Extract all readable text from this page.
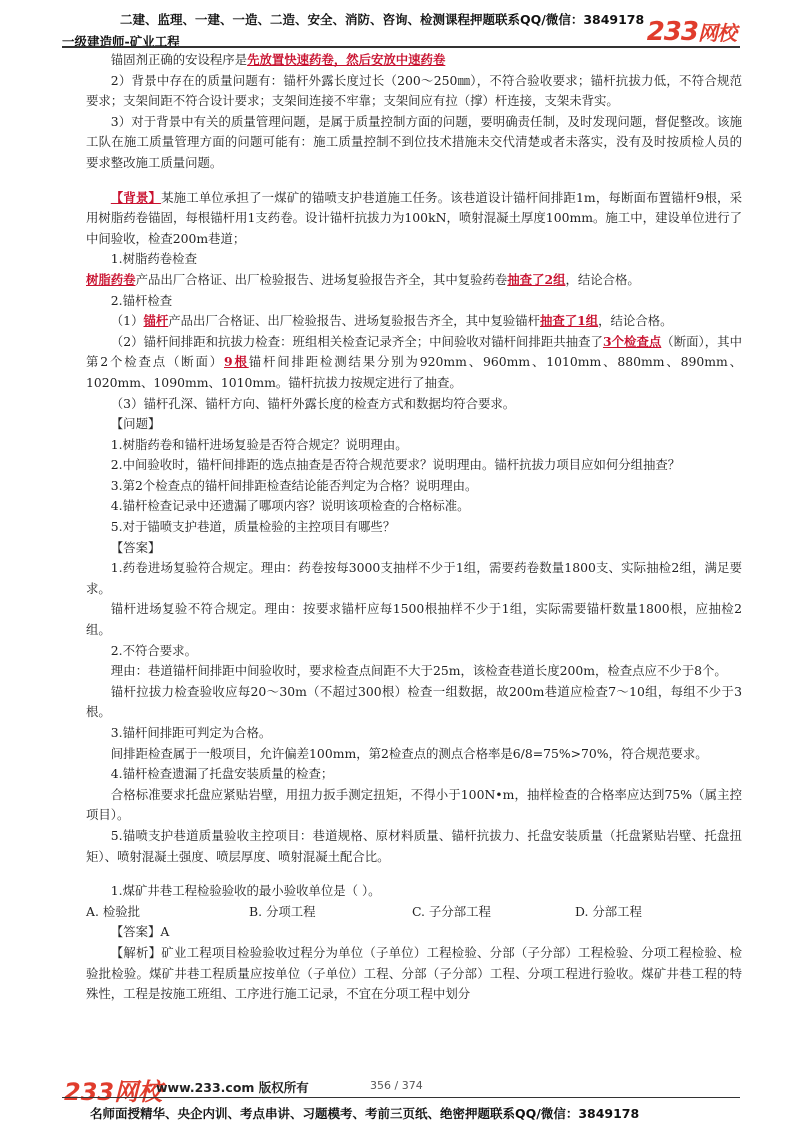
二建、监理、一建、一造、二造、安全、消防、咨询、检测课程押题联系QQ/微信：3849178
一级建造师-矿业工程	233网校

锚固剂正确的安设程序是先放置快速药卷，然后安放中速药卷

2）背景中存在的质量问题有：锚杆外露长度过长（200～250㎜），不符合验收要求；锚杆抗拔力低，不符合规范要求；支架间距不符合设计要求；支架间连接不牢靠；支架间应有拉（撑）杆连接，支架未背实。

3）对于背景中有关的质量管理问题，是属于质量控制方面的问题，要明确责任制，及时发现问题，督促整改。该施工队在施工质量管理方面的问题可能有：施工质量控制不到位技术措施未交代清楚或者未落实，没有及时按质检人员的要求整改施工质量问题。

【背景】某施工单位承担了一煤矿的锚喷支护巷道施工任务。该巷道设计锚杆间排距1m，每断面布置锚杆9根，采用树脂药卷锚固，每根锚杆用1支药卷。设计锚杆抗拔力为100kN，喷射混凝土厚度100mm。施工中，建设单位进行了中间验收，检查200m巷道；

1.树脂药卷检查

树脂药卷产品出厂合格证、出厂检验报告、进场复验报告齐全，其中复验药卷抽查了2组，结论合格。

2.锚杆检查

（1）锚杆产品出厂合格证、出厂检验报告、进场复验报告齐全，其中复验锚杆抽查了1组，结论合格。

（2）锚杆间排距和抗拔力检查：班组相关检查记录齐全；中间验收对锚杆间排距共抽查了3个检查点（断面），其中第2个检查点（断面）9根锚杆间排距检测结果分别为920mm、960mm、1010mm、880mm、890mm、1020mm、1090mm、1010mm。锚杆抗拔力按规定进行了抽查。

（3）锚杆孔深、锚杆方向、锚杆外露长度的检查方式和数据均符合要求。

【问题】

1.树脂药卷和锚杆进场复验是否符合规定？说明理由。

2.中间验收时，锚杆间排距的选点抽查是否符合规范要求？说明理由。锚杆抗拔力项目应如何分组抽查？

3.第2个检查点的锚杆间排距检查结论能否判定为合格？说明理由。

4.锚杆检查记录中还遗漏了哪项内容？说明该项检查的合格标准。

5.对于锚喷支护巷道，质量检验的主控项目有哪些？

【答案】

1.药卷进场复验符合规定。理由：药卷按每3000支抽样不少于1组，需要药卷数量1800支、实际抽检2组，满足要求。

锚杆进场复验不符合规定。理由：按要求锚杆应每1500根抽样不少于1组，实际需要锚杆数量1800根，应抽检2组。

2.不符合要求。

理由：巷道锚杆间排距中间验收时，要求检查点间距不大于25m，该检查巷道长度200m，检查点应不少于8个。

锚杆拉拔力检查验收应每20～30m（不超过300根）检查一组数据，故200m巷道应检查7～10组，每组不少于3根。

3.锚杆间排距可判定为合格。

间排距检查属于一般项目，允许偏差100mm，第2检查点的测点合格率是6/8=75%>70%，符合规范要求。

4.锚杆检查遗漏了托盘安装质量的检查；

合格标准要求托盘应紧贴岩壁，用扭力扳手测定扭矩，不得小于100N•m，抽样检查的合格率应达到75%（属主控项目）。

5.锚喷支护巷道质量验收主控项目：巷道规格、原材料质量、锚杆抗拔力、托盘安装质量（托盘紧贴岩壁、托盘扭矩）、喷射混凝土强度、喷层厚度、喷射混凝土配合比。

1.煤矿井巷工程检验验收的最小验收单位是（ ）。

A. 检验批	B. 分项工程	C. 子分部工程	D. 分部工程

【答案】A

【解析】矿业工程项目检验验收过程分为单位（子单位）工程检验、分部（子分部）工程检验、分项工程检验、检验批检验。煤矿井巷工程质量应按单位（子单位）工程、分部（子分部）工程、分项工程进行验收。煤矿井巷工程的特殊性，工程是按施工班组、工序进行施工记录，不宜在分项工程中划分

233网校
www.233.com 版权所有	356 / 374
名师面授精华、央企内训、考点串讲、习题模考、考前三页纸、绝密押题联系QQ/微信：3849178
